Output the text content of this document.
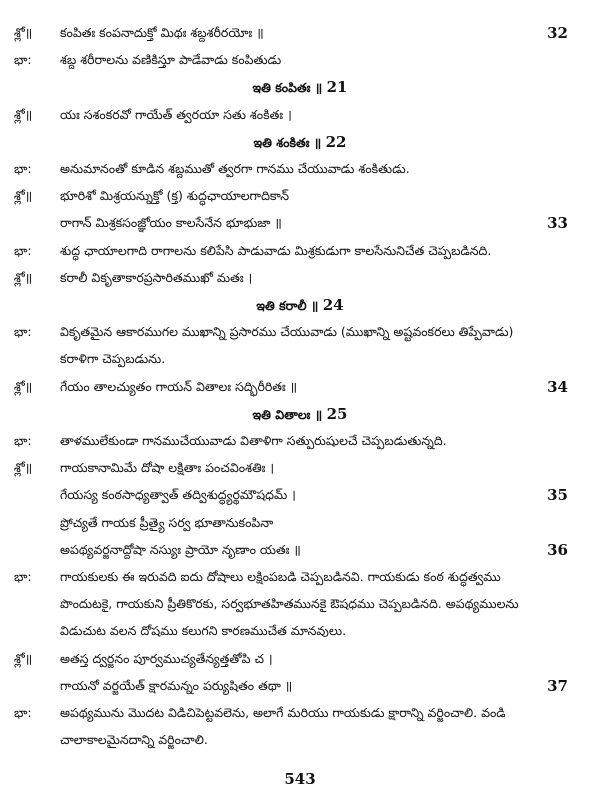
శ్లో॥	కంపితః కంపనాదుక్తో మిథః శబ్దశరీరయోః ॥	32
భా:	శబ్ద శరీరాలను వణికిస్తూ పాడేవాడు కంపితుడు
ఇతి కంపితః ॥ 21
శ్లో॥	యః సశంకరవో గాయేత్ త్వరయా సతు శంకితః ।
ఇతి శంకితః ॥ 22
భా:	అనుమానంతో కూడిన శబ్దముతో త్వరగా గానము చేయువాడు శంకితుడు.
శ్లో॥	భూరిశో మిశ్రయన్నుక్తో (క్త) శుద్ధఛాయాలగాదికాన్
రాగాన్ మిశ్రకసంజ్ఞోయం కాలసేనేన భూభుజా ॥	33
భా:	శుద్ధ ఛాయాలగాది రాగాలను కలిపేసి పాడువాడు మిశ్రకుడుగా కాలసేనునిచేత చెప్పబడినది.
శ్లో॥	కరాలీ వికృతాకారప్రసారితముఖో మతః ।
ఇతి కరాలీ ॥ 24
భా:	వికృతమైన ఆకారముగల ముఖాన్ని ప్రసారము చేయువాడు (ముఖాన్ని అష్టవంకరలు తిప్పేవాడు)
కరాళిగా చెప్పబడును.
శ్లో॥	గేయం తాలచ్యుతం గాయన్ వితాలః సద్భిరీరితః ॥	34
ఇతి వితాలః ॥ 25
భా:	తాళములేకుండా గానముచేయువాడు వితాళిగా సత్పురుషులచే చెప్పబడుతున్నది.
శ్లో॥	గాయకానామిమే దోషా లక్షితాః పంచవింశతిః ।
గేయస్య కంఠసాధ్యత్వాత్ తద్విశుద్ధ్యర్థమౌషధమ్ ।	35
ప్రోచ్యతే గాయక ప్రీత్యై సర్వ భూతానుకంపినా
అపథ్యవర్జనాద్దోషా నస్యుః ప్రాయో నృణాం యతః ॥	36
భా:	గాయకులకు ఈ ఇరువది ఐదు దోషాలు లక్షింపబడి చెప్పబడినవి. గాయకుడు కంఠ శుద్ధత్వము
పొందుటకై, గాయకుని ప్రీతికొరకు, సర్వభూతహితమునకై ఔషధము చెప్పబడినది. అపథ్యములను
విడుచుట వలన దోషము కలుగని కారణముచేత మానవులు.
శ్లో॥	అతస్త ద్వర్జనం పూర్వముచ్యతేన్యత్తతోపి చ ।
గాయనో వర్జయేత్ క్షారమన్నం పర్యుషితం తథా ॥	37
భా:	అపథ్యమును మొదట విడిచిపెట్టవలెను, అలాగే మరియు గాయకుడు క్షారాన్ని వర్జించాలి. వండి
చాలాకాలమైనదాన్ని వర్జించాలి.
543
